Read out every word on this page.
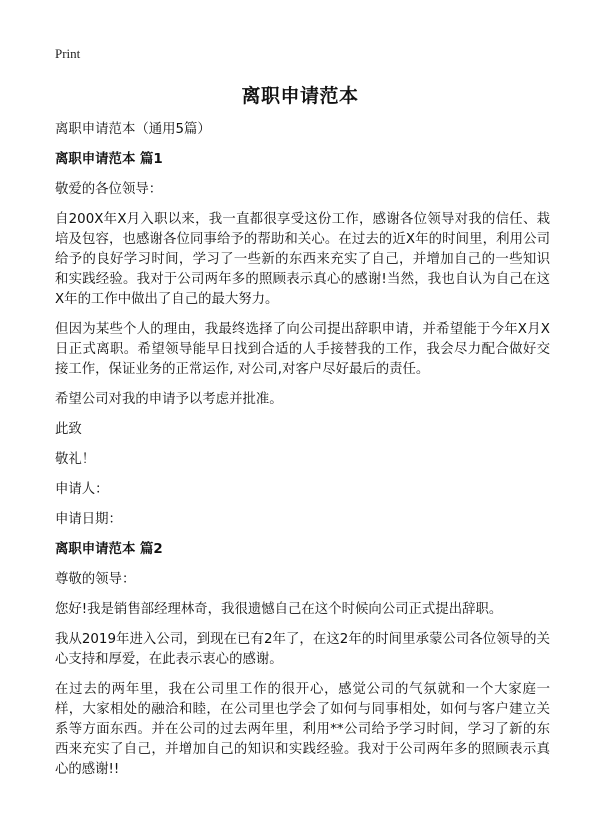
Print
离职申请范本

离职申请范本（通用5篇）

离职申请范本 篇1

敬爱的各位领导：

自200X年X月入职以来，我一直都很享受这份工作，感谢各位领导对我的信任、栽培及包容，也感谢各位同事给予的帮助和关心。在过去的近X年的时间里，利用公司给予的良好学习时间，学习了一些新的东西来充实了自己，并增加自己的一些知识和实践经验。我对于公司两年多的照顾表示真心的感谢!当然，我也自认为自己在这X年的工作中做出了自己的最大努力。

但因为某些个人的理由，我最终选择了向公司提出辞职申请，并希望能于今年X月X日正式离职。希望领导能早日找到合适的人手接替我的工作，我会尽力配合做好交接工作，保证业务的正常运作, 对公司,对客户尽好最后的责任。

希望公司对我的申请予以考虑并批准。

此致

敬礼！

申请人：

申请日期：

离职申请范本 篇2

尊敬的领导：

您好!我是销售部经理林奇，我很遗憾自己在这个时候向公司正式提出辞职。

我从2019年进入公司，到现在已有2年了，在这2年的时间里承蒙公司各位领导的关心支持和厚爱，在此表示衷心的感谢。

在过去的两年里，我在公司里工作的很开心，感觉公司的气氛就和一个大家庭一样，大家相处的融洽和睦，在公司里也学会了如何与同事相处，如何与客户建立关系等方面东西。并在公司的过去两年里，利用**公司给予学习时间，学习了新的东西来充实了自己，并增加自己的知识和实践经验。我对于公司两年多的照顾表示真心的感谢!!
